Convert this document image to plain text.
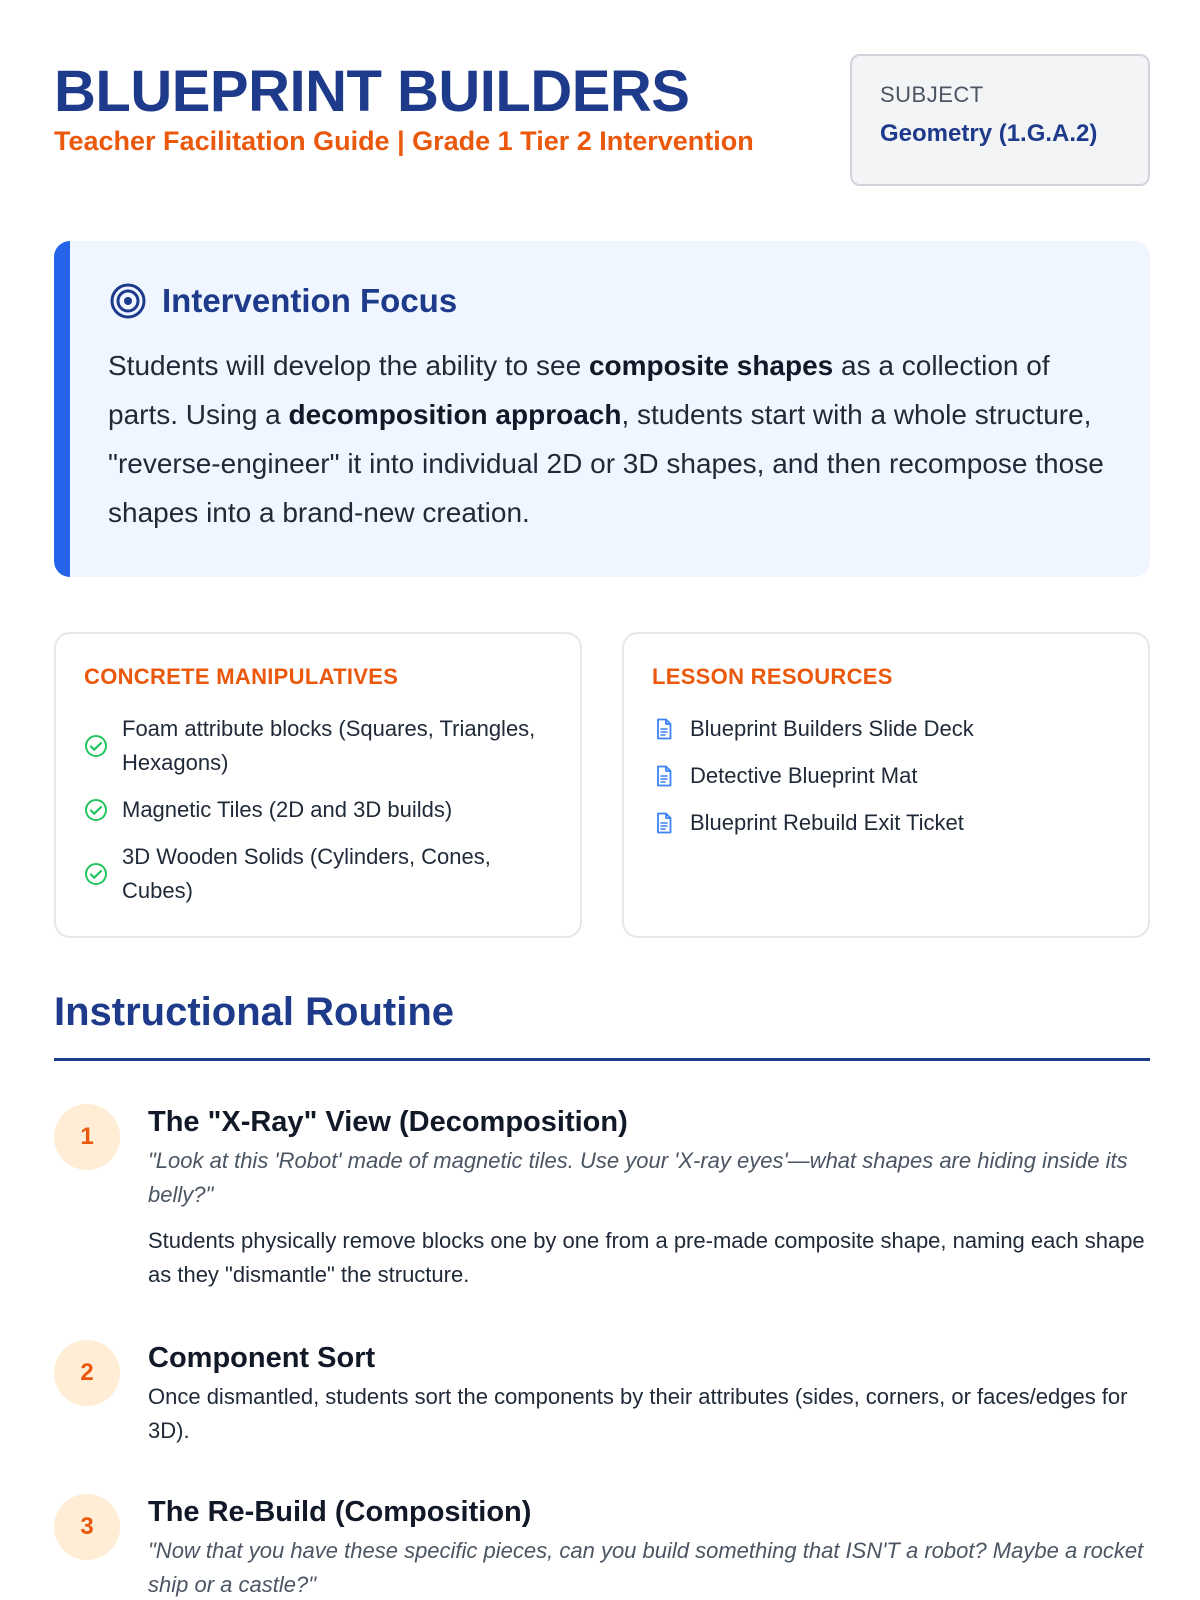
BLUEPRINT BUILDERS
Teacher Facilitation Guide | Grade 1 Tier 2 Intervention
SUBJECT
Geometry (1.G.A.2)
Intervention Focus

Students will develop the ability to see composite shapes as a collection of parts. Using a decomposition approach, students start with a whole structure, "reverse-engineer" it into individual 2D or 3D shapes, and then recompose those shapes into a brand-new creation.

CONCRETE MANIPULATIVES
Foam attribute blocks (Squares, Triangles, Hexagons)
Magnetic Tiles (2D and 3D builds)
3D Wooden Solids (Cylinders, Cones, Cubes)
LESSON RESOURCES
Blueprint Builders Slide Deck
Detective Blueprint Mat
Blueprint Rebuild Exit Ticket
Instructional Routine
1	The "X-Ray" View (Decomposition)
"Look at this 'Robot' made of magnetic tiles. Use your 'X-ray eyes'—what shapes are hiding inside its belly?"
Students physically remove blocks one by one from a pre-made composite shape, naming each shape as they "dismantle" the structure.
2	Component Sort
Once dismantled, students sort the components by their attributes (sides, corners, or faces/edges for 3D).
3	The Re-Build (Composition)
"Now that you have these specific pieces, can you build something that ISN'T a robot? Maybe a rocket ship or a castle?"
